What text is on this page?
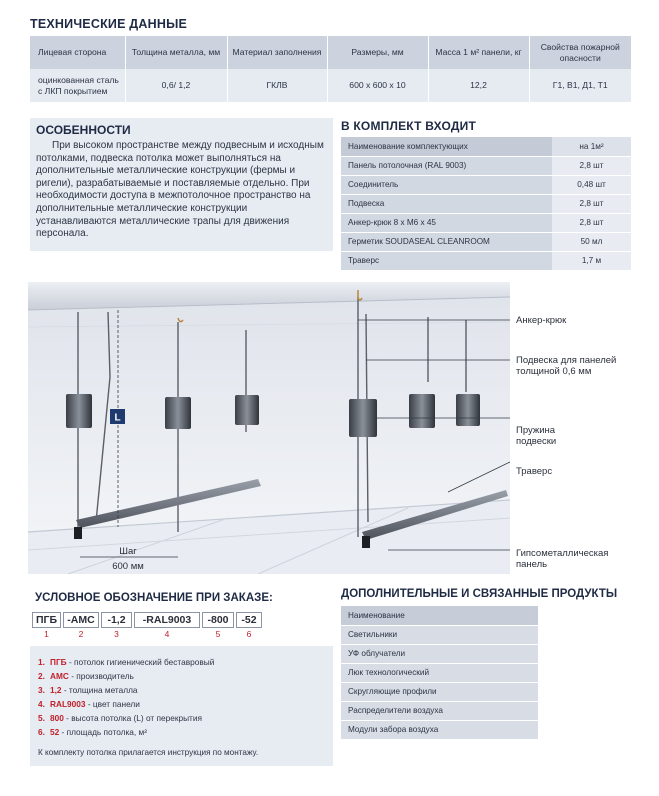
ТЕХНИЧЕСКИЕ ДАННЫЕ
Лицевая сторона	Толщина металла, мм	Материал заполнения	Размеры, мм	Масса 1 м² панели, кг	Свойства пожарной опасности
оцинкованная сталь с ЛКП покрытием	0,6/ 1,2	ГКЛВ	600 х 600 х 10	12,2	Г1, В1, Д1, Т1
ОСОБЕННОСТИ
При высоком пространстве между подвесным и исходным потолками, подвеска потолка может выполняться на дополнительные металлические конструкции (фермы и ригели), разрабатываемые и поставляемые отдельно. При необходимости доступа в межпотолочное пространство на дополнительные металлические конструкции устанавливаются металлические трапы для движения персонала.
В КОМПЛЕКТ ВХОДИТ
Наименование комплектующих	на 1м²
Панель потолочная (RAL 9003)	2,8 шт
Соединитель	0,48 шт
Подвеска	2,8 шт
Анкер-крюк 8 х М6 х 45	2,8 шт
Герметик SOUDASEAL CLEANROOM	50 мл
Траверс	1,7 м
L
Шаг
600 мм
Анкер-крюк
Подвеска для панелей толщиной 0,6 мм
Пружина подвески
Траверс
Гипсометаллическая панель
УСЛОВНОЕ ОБОЗНАЧЕНИЕ ПРИ ЗАКАЗЕ:
ПГБ -АМС	-1,2	-RAL9003	-800	-52
1	2	3	4	5	6
1. ПГБ - потолок гигиенический беставрoвый
2. АМС - производитель
3. 1,2 - толщина металла
4. RAL9003 - цвет панели
5. 800 - высота потолка (L) от перекрытия
6. 52 - площадь потолка, м²
К комплекту потолка прилагается инструкция по монтажу.
ДОПОЛНИТЕЛЬНЫЕ И СВЯЗАННЫЕ ПРОДУКТЫ
Наименование
Светильники
УФ облучатели
Люк технологический
Скругляющие профили
Распределители воздуха
Модули забора воздуха
